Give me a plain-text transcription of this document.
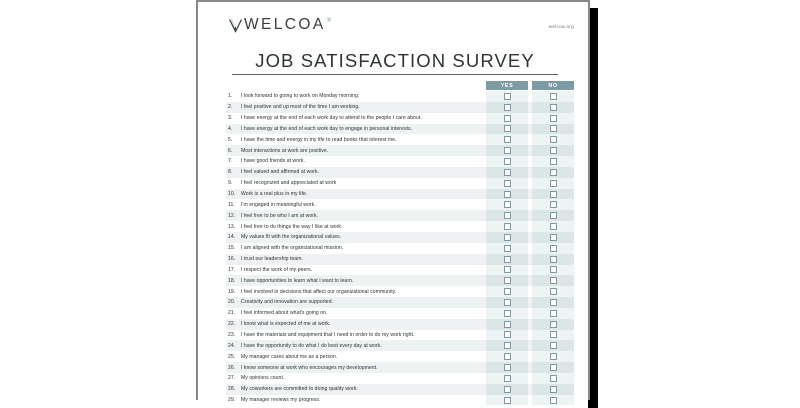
WELCOA ®
welcoa.org
JOB SATISFACTION SURVEY
YES	NO
1.	I look forward to going to work on Monday morning.
2.	I feel positive and up most of the time I am working.
3.	I have energy at the end of each work day to attend to the people I care about.
4.	I have energy at the end of each work day to engage in personal interests.
5.	I have the time and energy in my life to read books that interest me.
6.	Most interactions at work are positive.
7.	I have good friends at work.
8.	I feel valued and affirmed at work.
9.	I feel recognized and appreciated at work
10.	Work is a real plus in my life.
11.	I'm engaged in meaningful work.
12.	I feel free to be who I am at work.
13.	I feel free to do things the way I like at work.
14.	My values fit with the organizational values.
15.	I am aligned with the organizational mission.
16.	I trust our leadership team.
17.	I respect the work of my peers.
18.	I have opportunities to learn what I want to learn.
19.	I feel involved in decisions that affect our organizational community.
20.	Creativity and innovation are supported.
21.	I feel informed about what's going on.
22.	I know what is expected of me at work.
23.	I have the materials and equipment that I need in order to do my work right.
24.	I have the opportunity to do what I do best every day at work.
25.	My manager cares about me as a person.
26.	I know someone at work who encourages my development.
27.	My opinions count.
28.	My coworkers are committed to doing quality work.
29.	My manager reviews my progress.
